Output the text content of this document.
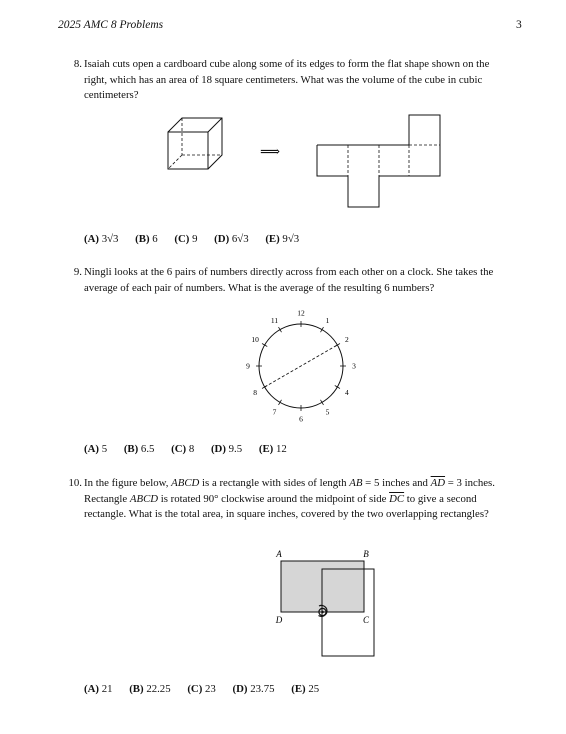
2025 AMC 8 Problems	3
8. Isaiah cuts open a cardboard cube along some of its edges to form the flat shape shown on the right, which has an area of 18 square centimeters. What was the volume of the cube in cubic centimeters?
⟹
(A) 3√3 (B) 6 (C) 9 (D) 6√3 (E) 9√3
9. Ningli looks at the 6 pairs of numbers directly across from each other on a clock. She takes the average of each pair of numbers. What is the average of the resulting 6 numbers?
12
1
2
3
4
5
6
7
8
9
10
11
(A) 5 (B) 6.5 (C) 8 (D) 9.5 (E) 12
10. In the figure below, ABCD is a rectangle with sides of length AB = 5 inches and $\overline{AD} = 3$ inches. Rectangle ABCD is rotated 90° clockwise around the midpoint of side $\overline{DC}$ to give a second rectangle. What is the total area, in square inches, covered by the two overlapping rectangles?
A	B
C
D
(A) 21 (B) 22.25 (C) 23 (D) 23.75 (E) 25
